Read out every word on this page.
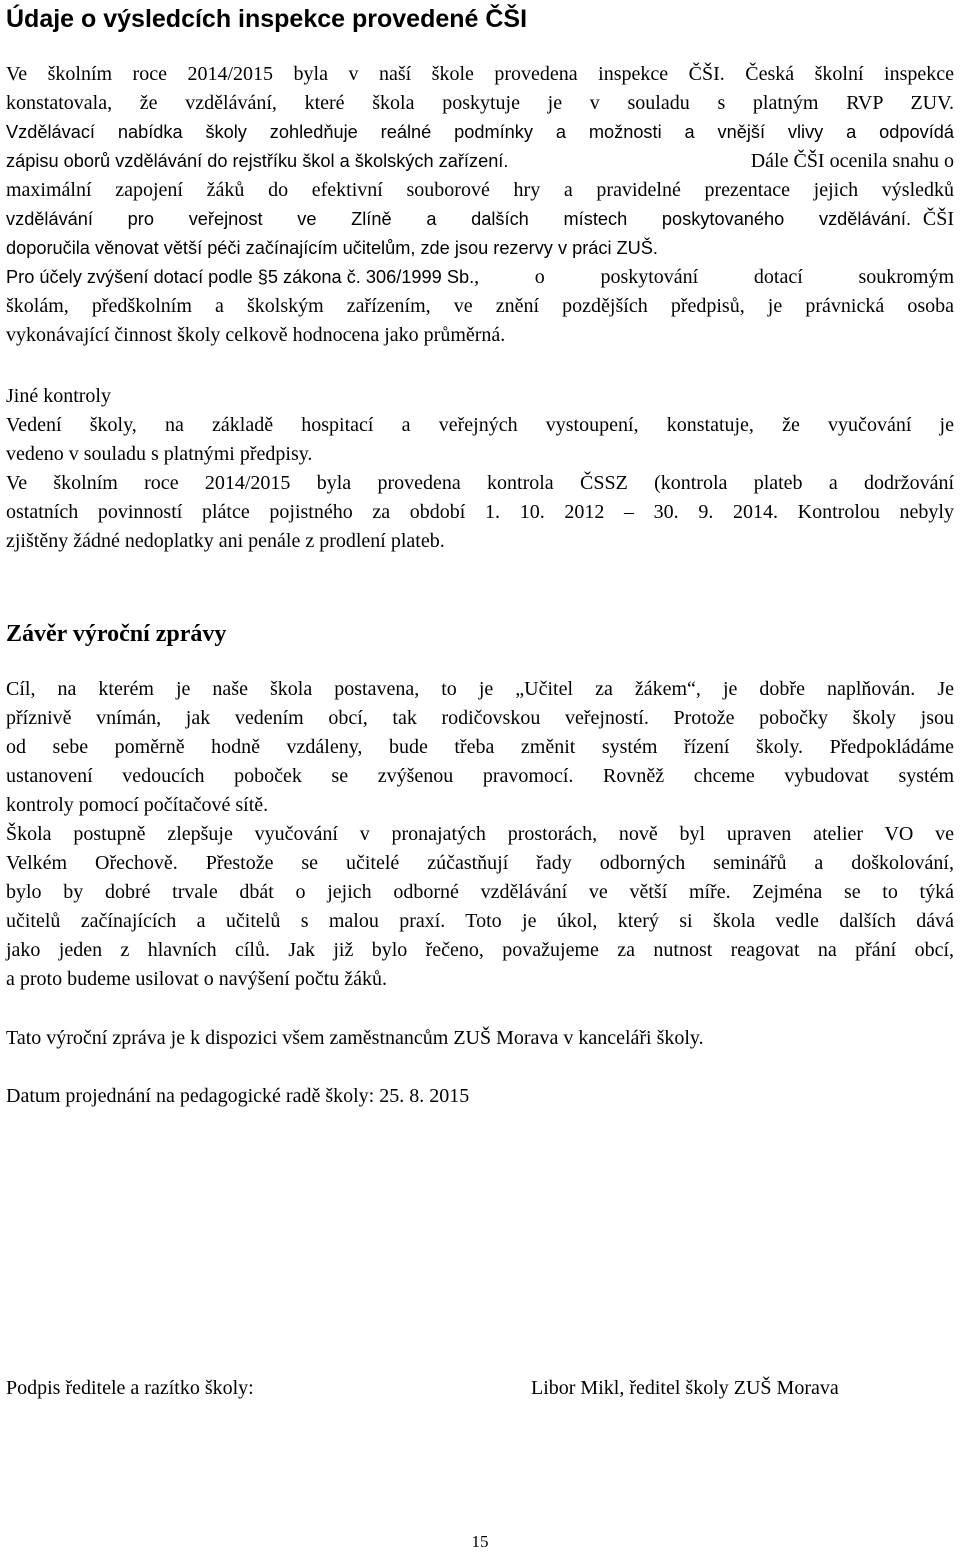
Údaje o výsledcích inspekce provedené ČŠI
Ve školním roce 2014/2015 byla v naší škole provedena inspekce ČŠI. Česká školní inspekce
konstatovala, že vzdělávání, které škola poskytuje je v souladu s platným RVP ZUV.
Vzdělávací nabídka školy zohledňuje reálné podmínky a možnosti a vnější vlivy a odpovídá
zápisu oborů vzdělávání do rejstříku škol a školských zařízení.	Dále ČŠI ocenila snahu o
maximální zapojení žáků do efektivní souborové hry a pravidelné prezentace jejich výsledků
vzdělávání pro veřejnost ve Zlíně a dalších místech poskytovaného vzdělávání. ČŠI
doporučila věnovat větší péči začínajícím učitelům, zde jsou rezervy v práci ZUŠ.
Pro účely zvýšení dotací podle §5 zákona č. 306/1999 Sb. , o poskytování dotací soukromým
školám, předškolním a školským zařízením, ve znění pozdějších předpisů, je právnická osoba
vykonávající činnost školy celkově hodnocena jako průměrná.
Jiné kontroly
Vedení školy, na základě hospitací a veřejných vystoupení, konstatuje, že vyučování je
vedeno v souladu s platnými předpisy.
Ve školním roce 2014/2015 byla provedena kontrola ČSSZ (kontrola plateb a dodržování
ostatních povinností plátce pojistného za období 1. 10. 2012 – 30. 9. 2014. Kontrolou nebyly
zjištěny žádné nedoplatky ani penále z prodlení plateb.
Závěr výroční zprávy
Cíl, na kterém je naše škola postavena, to je „Učitel za žákem“, je dobře naplňován. Je
příznivě vnímán, jak vedením obcí, tak rodičovskou veřejností. Protože pobočky školy jsou
od sebe poměrně hodně vzdáleny, bude třeba změnit systém řízení školy. Předpokládáme
ustanovení vedoucích poboček se zvýšenou pravomocí. Rovněž chceme vybudovat systém
kontroly pomocí počítačové sítě.
Škola postupně zlepšuje vyučování v pronajatých prostorách, nově byl upraven atelier VO ve
Velkém Ořechově. Přestože se učitelé zúčastňují řady odborných seminářů a doškolování,
bylo by dobré trvale dbát o jejich odborné vzdělávání ve větší míře. Zejména se to týká
učitelů začínajících a učitelů s malou praxí. Toto je úkol, který si škola vedle dalších dává
jako jeden z hlavních cílů. Jak již bylo řečeno, považujeme za nutnost reagovat na přání obcí,
a proto budeme usilovat o navýšení počtu žáků.
Tato výroční zpráva je k dispozici všem zaměstnancům ZUŠ Morava v kanceláři školy.
Datum projednání na pedagogické radě školy: 25. 8. 2015
Podpis ředitele a razítko školy:	Libor Mikl, ředitel školy ZUŠ Morava
15
